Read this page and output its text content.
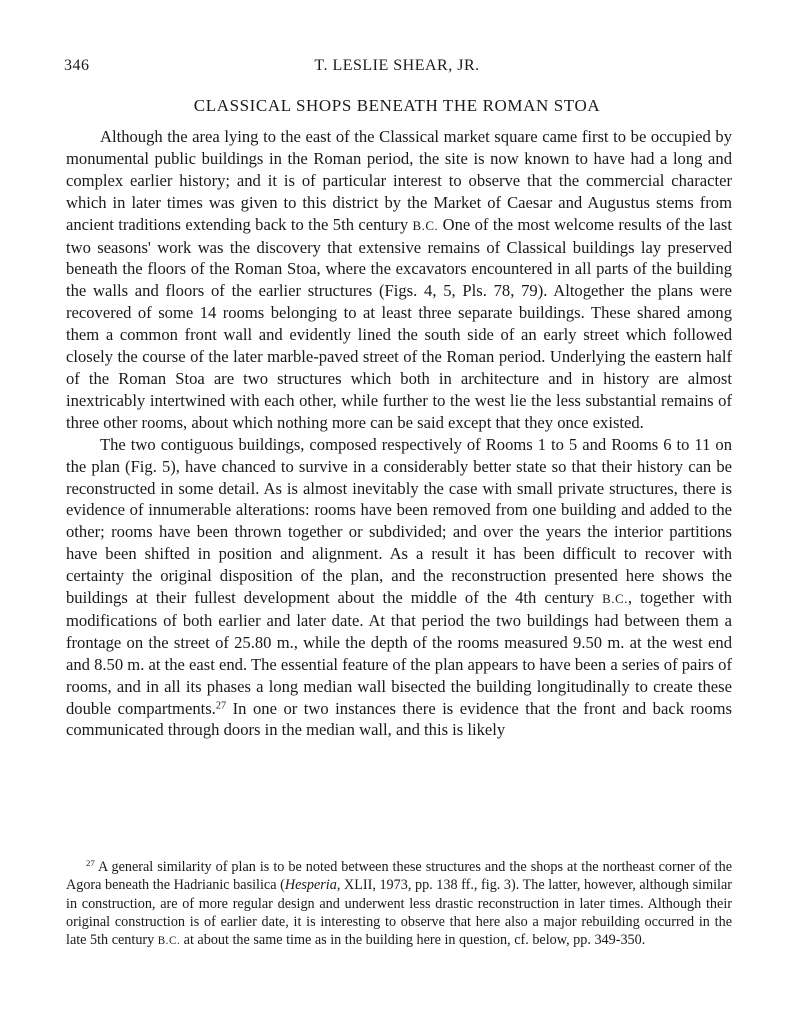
346	T. LESLIE SHEAR, JR.
CLASSICAL SHOPS BENEATH THE ROMAN STOA

Although the area lying to the east of the Classical market square came first to be occupied by monumental public buildings in the Roman period, the site is now known to have had a long and complex earlier history; and it is of particular interest to observe that the commercial character which in later times was given to this district by the Market of Caesar and Augustus stems from ancient traditions extending back to the 5th century B.C. One of the most welcome results of the last two seasons' work was the discovery that extensive remains of Classical buildings lay preserved beneath the floors of the Roman Stoa, where the excavators encountered in all parts of the building the walls and floors of the earlier structures (Figs. 4, 5, Pls. 78, 79). Altogether the plans were recovered of some 14 rooms belonging to at least three separate buildings. These shared among them a common front wall and evidently lined the south side of an early street which followed closely the course of the later marble-paved street of the Roman period. Underlying the eastern half of the Roman Stoa are two structures which both in architecture and in history are almost inextricably intertwined with each other, while further to the west lie the less substantial remains of three other rooms, about which nothing more can be said except that they once existed.

The two contiguous buildings, composed respectively of Rooms 1 to 5 and Rooms 6 to 11 on the plan (Fig. 5), have chanced to survive in a considerably better state so that their history can be reconstructed in some detail. As is almost inevitably the case with small private structures, there is evidence of innumerable alterations: rooms have been removed from one building and added to the other; rooms have been thrown together or subdivided; and over the years the interior partitions have been shifted in position and alignment. As a result it has been difficult to recover with certainty the original disposition of the plan, and the reconstruction presented here shows the buildings at their fullest development about the middle of the 4th century B.C., together with modifications of both earlier and later date. At that period the two buildings had between them a frontage on the street of 25.80 m., while the depth of the rooms measured 9.50 m. at the west end and 8.50 m. at the east end. The essential feature of the plan appears to have been a series of pairs of rooms, and in all its phases a long median wall bisected the building longitudinally to create these double compartments.$^{27}$ In one or two instances there is evidence that the front and back rooms communicated through doors in the median wall, and this is likely

$^{27}$ A general similarity of plan is to be noted between these structures and the shops at the northeast corner of the Agora beneath the Hadrianic basilica (Hesperia, XLII, 1973, pp. 138 ff., fig. 3). The latter, however, although similar in construction, are of more regular design and underwent less drastic reconstruction in later times. Although their original construction is of earlier date, it is interesting to observe that here also a major rebuilding occurred in the late 5th century B.C. at about the same time as in the building here in question, cf. below, pp. 349-350.
